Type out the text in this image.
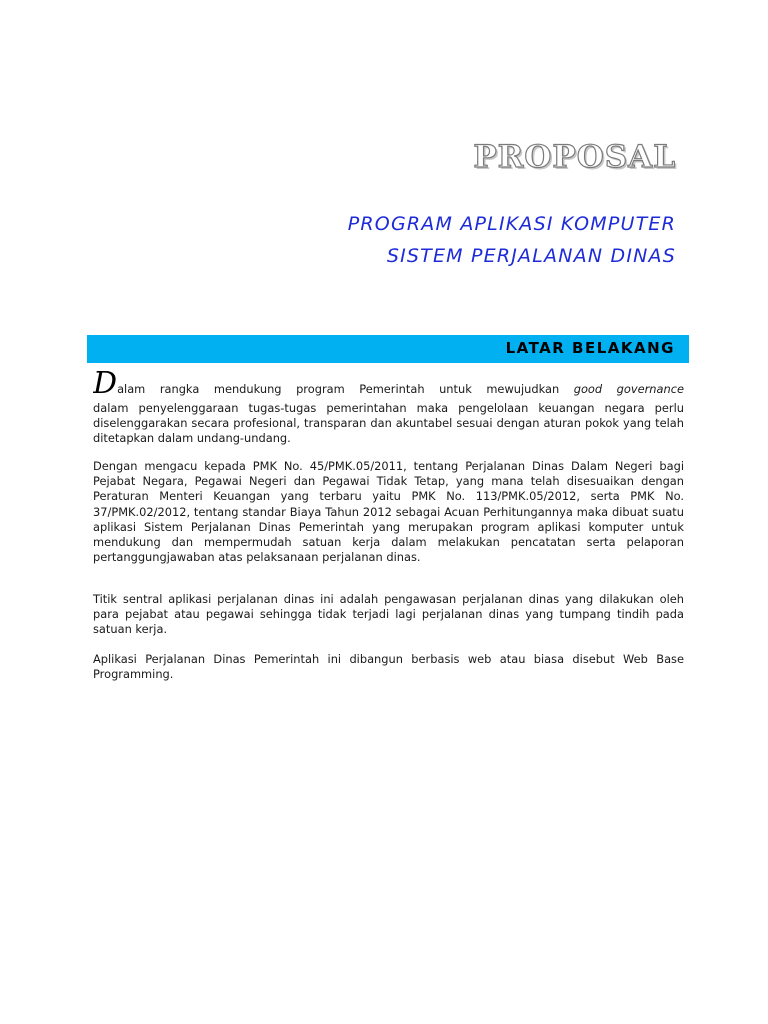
PROPOSAL

PROGRAM APLIKASI KOMPUTER

SISTEM PERJALANAN DINAS

LATAR BELAKANG
Dalam rangka mendukung program Pemerintah untuk mewujudkan good governance
dalam penyelenggaraan tugas-tugas pemerintahan maka pengelolaan keuangan negara perlu diselenggarakan secara profesional, transparan dan akuntabel sesuai dengan aturan pokok yang telah ditetapkan dalam undang-undang.

Dengan mengacu kepada PMK No. 45/PMK.05/2011, tentang Perjalanan Dinas Dalam Negeri bagi Pejabat Negara, Pegawai Negeri dan Pegawai Tidak Tetap, yang mana telah disesuaikan dengan Peraturan Menteri Keuangan yang terbaru yaitu PMK No. 113/PMK.05/2012, serta PMK No. 37/PMK.02/2012, tentang standar Biaya Tahun 2012 sebagai Acuan Perhitungannya maka dibuat suatu aplikasi Sistem Perjalanan Dinas Pemerintah yang merupakan program aplikasi komputer untuk mendukung dan mempermudah satuan kerja dalam melakukan pencatatan serta pelaporan pertanggungjawaban atas pelaksanaan perjalanan dinas.

Titik sentral aplikasi perjalanan dinas ini adalah pengawasan perjalanan dinas yang dilakukan oleh para pejabat atau pegawai sehingga tidak terjadi lagi perjalanan dinas yang tumpang tindih pada satuan kerja.

Aplikasi Perjalanan Dinas Pemerintah ini dibangun berbasis web atau biasa disebut Web Base Programming.
